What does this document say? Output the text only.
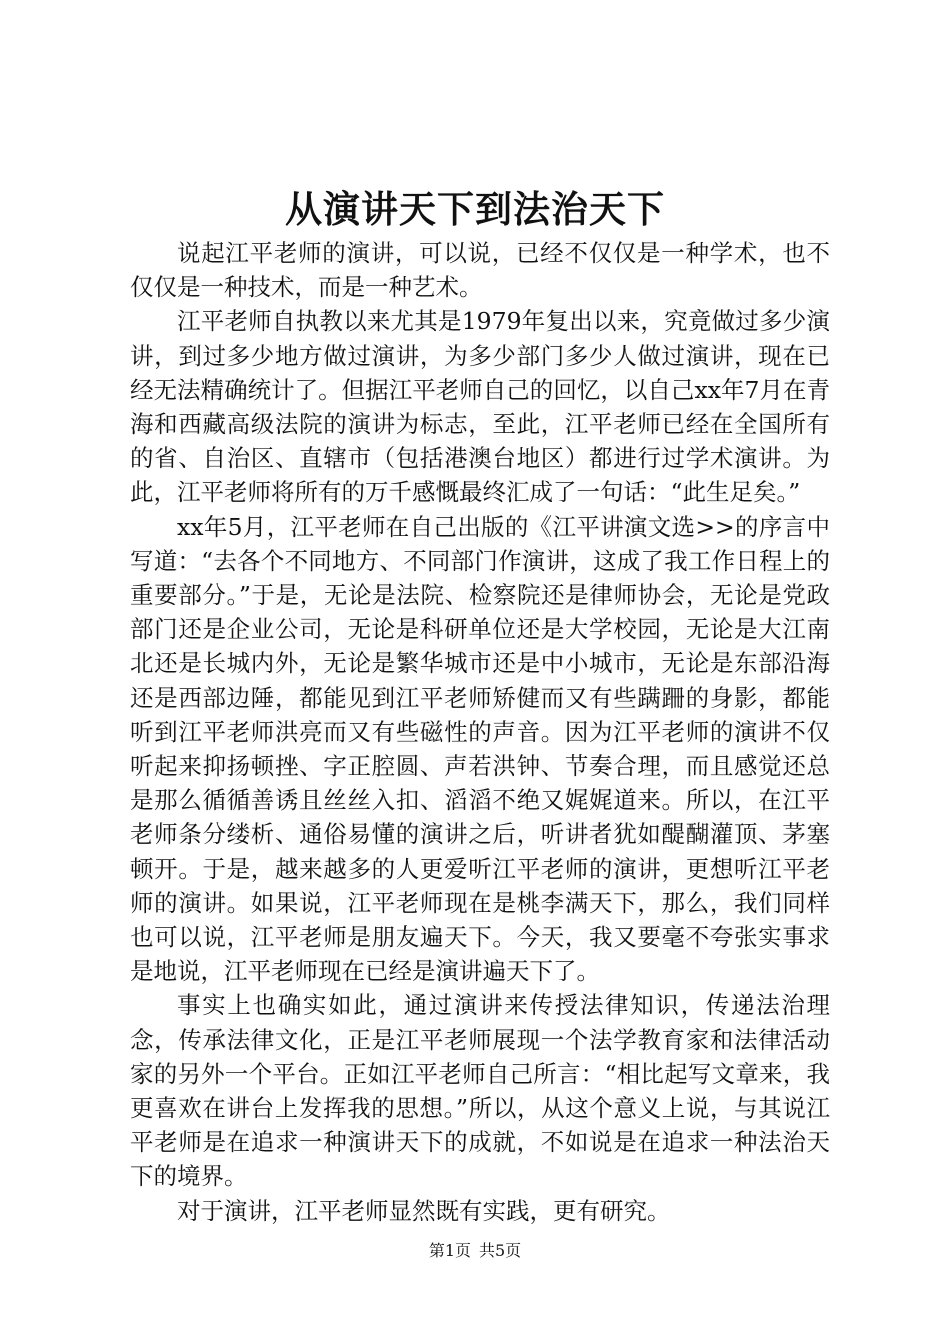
从演讲天下到法治天下

说起江平老师的演讲，可以说，已经不仅仅是一种学术，也不仅仅是一种技术，而是一种艺术。

江平老师自执教以来尤其是1979年复出以来，究竟做过多少演讲，到过多少地方做过演讲，为多少部门多少人做过演讲，现在已经无法精确统计了。但据江平老师自己的回忆，以自己xx年7月在青海和西藏高级法院的演讲为标志，至此，江平老师已经在全国所有的省、自治区、直辖市（包括港澳台地区）都进行过学术演讲。为此，江平老师将所有的万千感慨最终汇成了一句话：“此生足矣。”

xx年5月，江平老师在自己出版的《江平讲演文选>>的序言中写道：“去各个不同地方、不同部门作演讲，这成了我工作日程上的重要部分。”于是，无论是法院、检察院还是律师协会，无论是党政部门还是企业公司，无论是科研单位还是大学校园，无论是大江南北还是长城内外，无论是繁华城市还是中小城市，无论是东部沿海还是西部边陲，都能见到江平老师矫健而又有些蹒跚的身影，都能听到江平老师洪亮而又有些磁性的声音。因为江平老师的演讲不仅听起来抑扬顿挫、字正腔圆、声若洪钟、节奏合理，而且感觉还总是那么循循善诱且丝丝入扣、滔滔不绝又娓娓道来。所以，在江平老师条分缕析、通俗易懂的演讲之后，听讲者犹如醍醐灌顶、茅塞顿开。于是，越来越多的人更爱听江平老师的演讲，更想听江平老师的演讲。如果说，江平老师现在是桃李满天下，那么，我们同样也可以说，江平老师是朋友遍天下。今天，我又要毫不夸张实事求是地说，江平老师现在已经是演讲遍天下了。

事实上也确实如此，通过演讲来传授法律知识，传递法治理念，传承法律文化，正是江平老师展现一个法学教育家和法律活动家的另外一个平台。正如江平老师自己所言：“相比起写文章来，我更喜欢在讲台上发挥我的思想。”所以，从这个意义上说，与其说江平老师是在追求一种演讲天下的成就，不如说是在追求一种法治天下的境界。

对于演讲，江平老师显然既有实践，更有研究。

第1页 共5页
